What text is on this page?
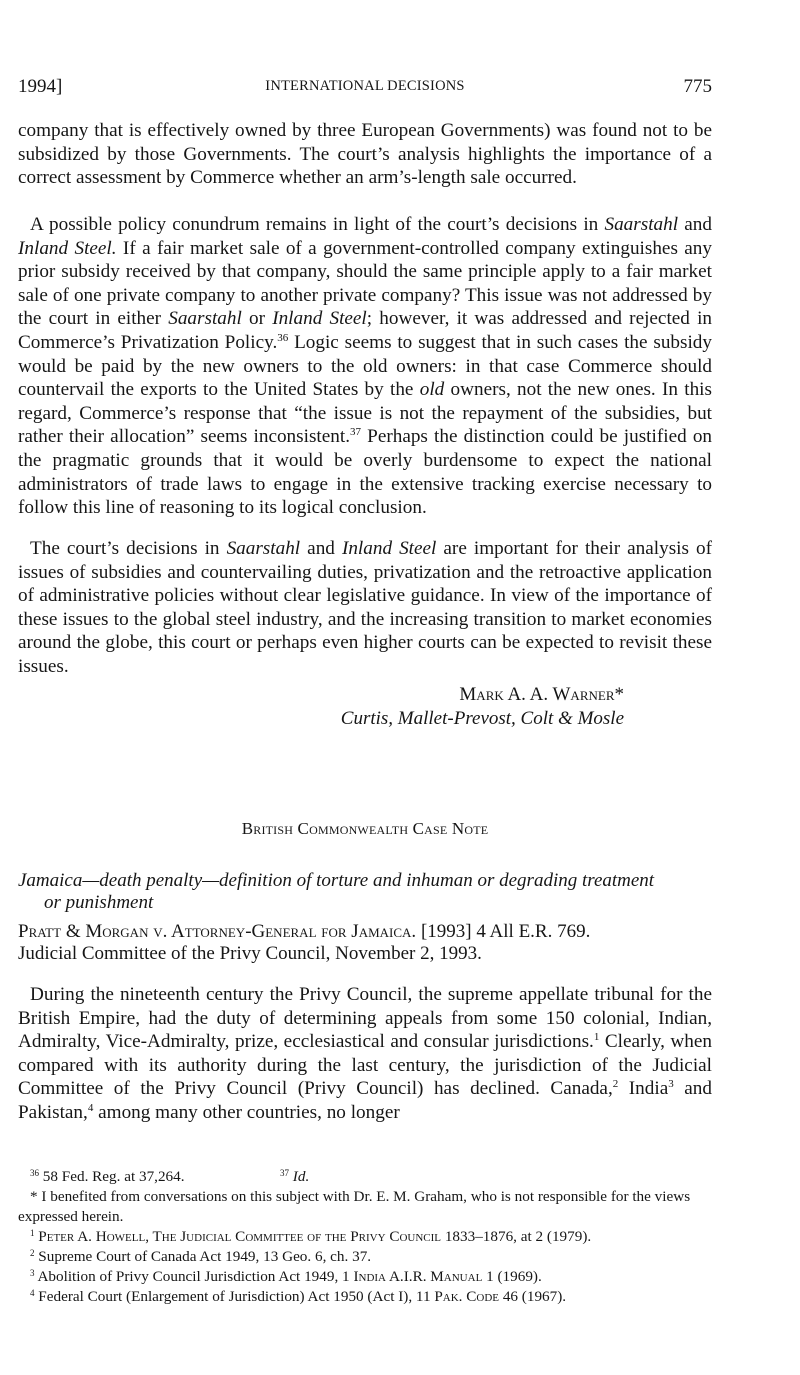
1994]	INTERNATIONAL DECISIONS	775

company that is effectively owned by three European Governments) was found not to be subsidized by those Governments. The court’s analysis highlights the importance of a correct assessment by Commerce whether an arm’s-length sale occurred.

A possible policy conundrum remains in light of the court’s decisions in Saarstahl and Inland Steel. If a fair market sale of a government-controlled company extinguishes any prior subsidy received by that company, should the same principle apply to a fair market sale of one private company to another private company? This issue was not addressed by the court in either Saarstahl or Inland Steel; however, it was addressed and rejected in Commerce’s Privatization Policy.$^{36}$ Logic seems to suggest that in such cases the subsidy would be paid by the new owners to the old owners: in that case Commerce should countervail the exports to the United States by the old owners, not the new ones. In this regard, Commerce’s response that “the issue is not the repayment of the subsidies, but rather their allocation” seems inconsistent.$^{37}$ Perhaps the distinction could be justified on the pragmatic grounds that it would be overly burdensome to expect the national administrators of trade laws to engage in the extensive tracking exercise necessary to follow this line of reasoning to its logical conclusion.

The court’s decisions in Saarstahl and Inland Steel are important for their analysis of issues of subsidies and countervailing duties, privatization and the retroactive application of administrative policies without clear legislative guidance. In view of the importance of these issues to the global steel industry, and the increasing transition to market economies around the globe, this court or perhaps even higher courts can be expected to revisit these issues.

Mark A. A. Warner*
Curtis, Mallet-Prevost, Colt & Mosle
British Commonwealth Case Note
Jamaica—death penalty—definition of torture and inhuman or degrading treatment
or punishment
Pratt & Morgan v. Attorney-General for Jamaica. [1993] 4 All E.R. 769.
Judicial Committee of the Privy Council, November 2, 1993.

During the nineteenth century the Privy Council, the supreme appellate tribunal for the British Empire, had the duty of determining appeals from some 150 colonial, Indian, Admiralty, Vice-Admiralty, prize, ecclesiastical and consular jurisdictions.$^1$ Clearly, when compared with its authority during the last century, the jurisdiction of the Judicial Committee of the Privy Council (Privy Council) has declined. Canada,$^2$ India$^3$ and Pakistan,$^4$ among many other countries, no longer

$^{36}$ 58 Fed. Reg. at 37,264.	$^{37}$ Id.

* I benefited from conversations on this subject with Dr. E. M. Graham, who is not responsible for the views expressed herein.

$^1$ Peter A. Howell, The Judicial Committee of the Privy Council 1833–1876, at 2 (1979).

$^2$ Supreme Court of Canada Act 1949, 13 Geo. 6, ch. 37.

$^3$ Abolition of Privy Council Jurisdiction Act 1949, 1 India A.I.R. Manual 1 (1969).

$^4$ Federal Court (Enlargement of Jurisdiction) Act 1950 (Act I), 11 Pak. Code 46 (1967).
